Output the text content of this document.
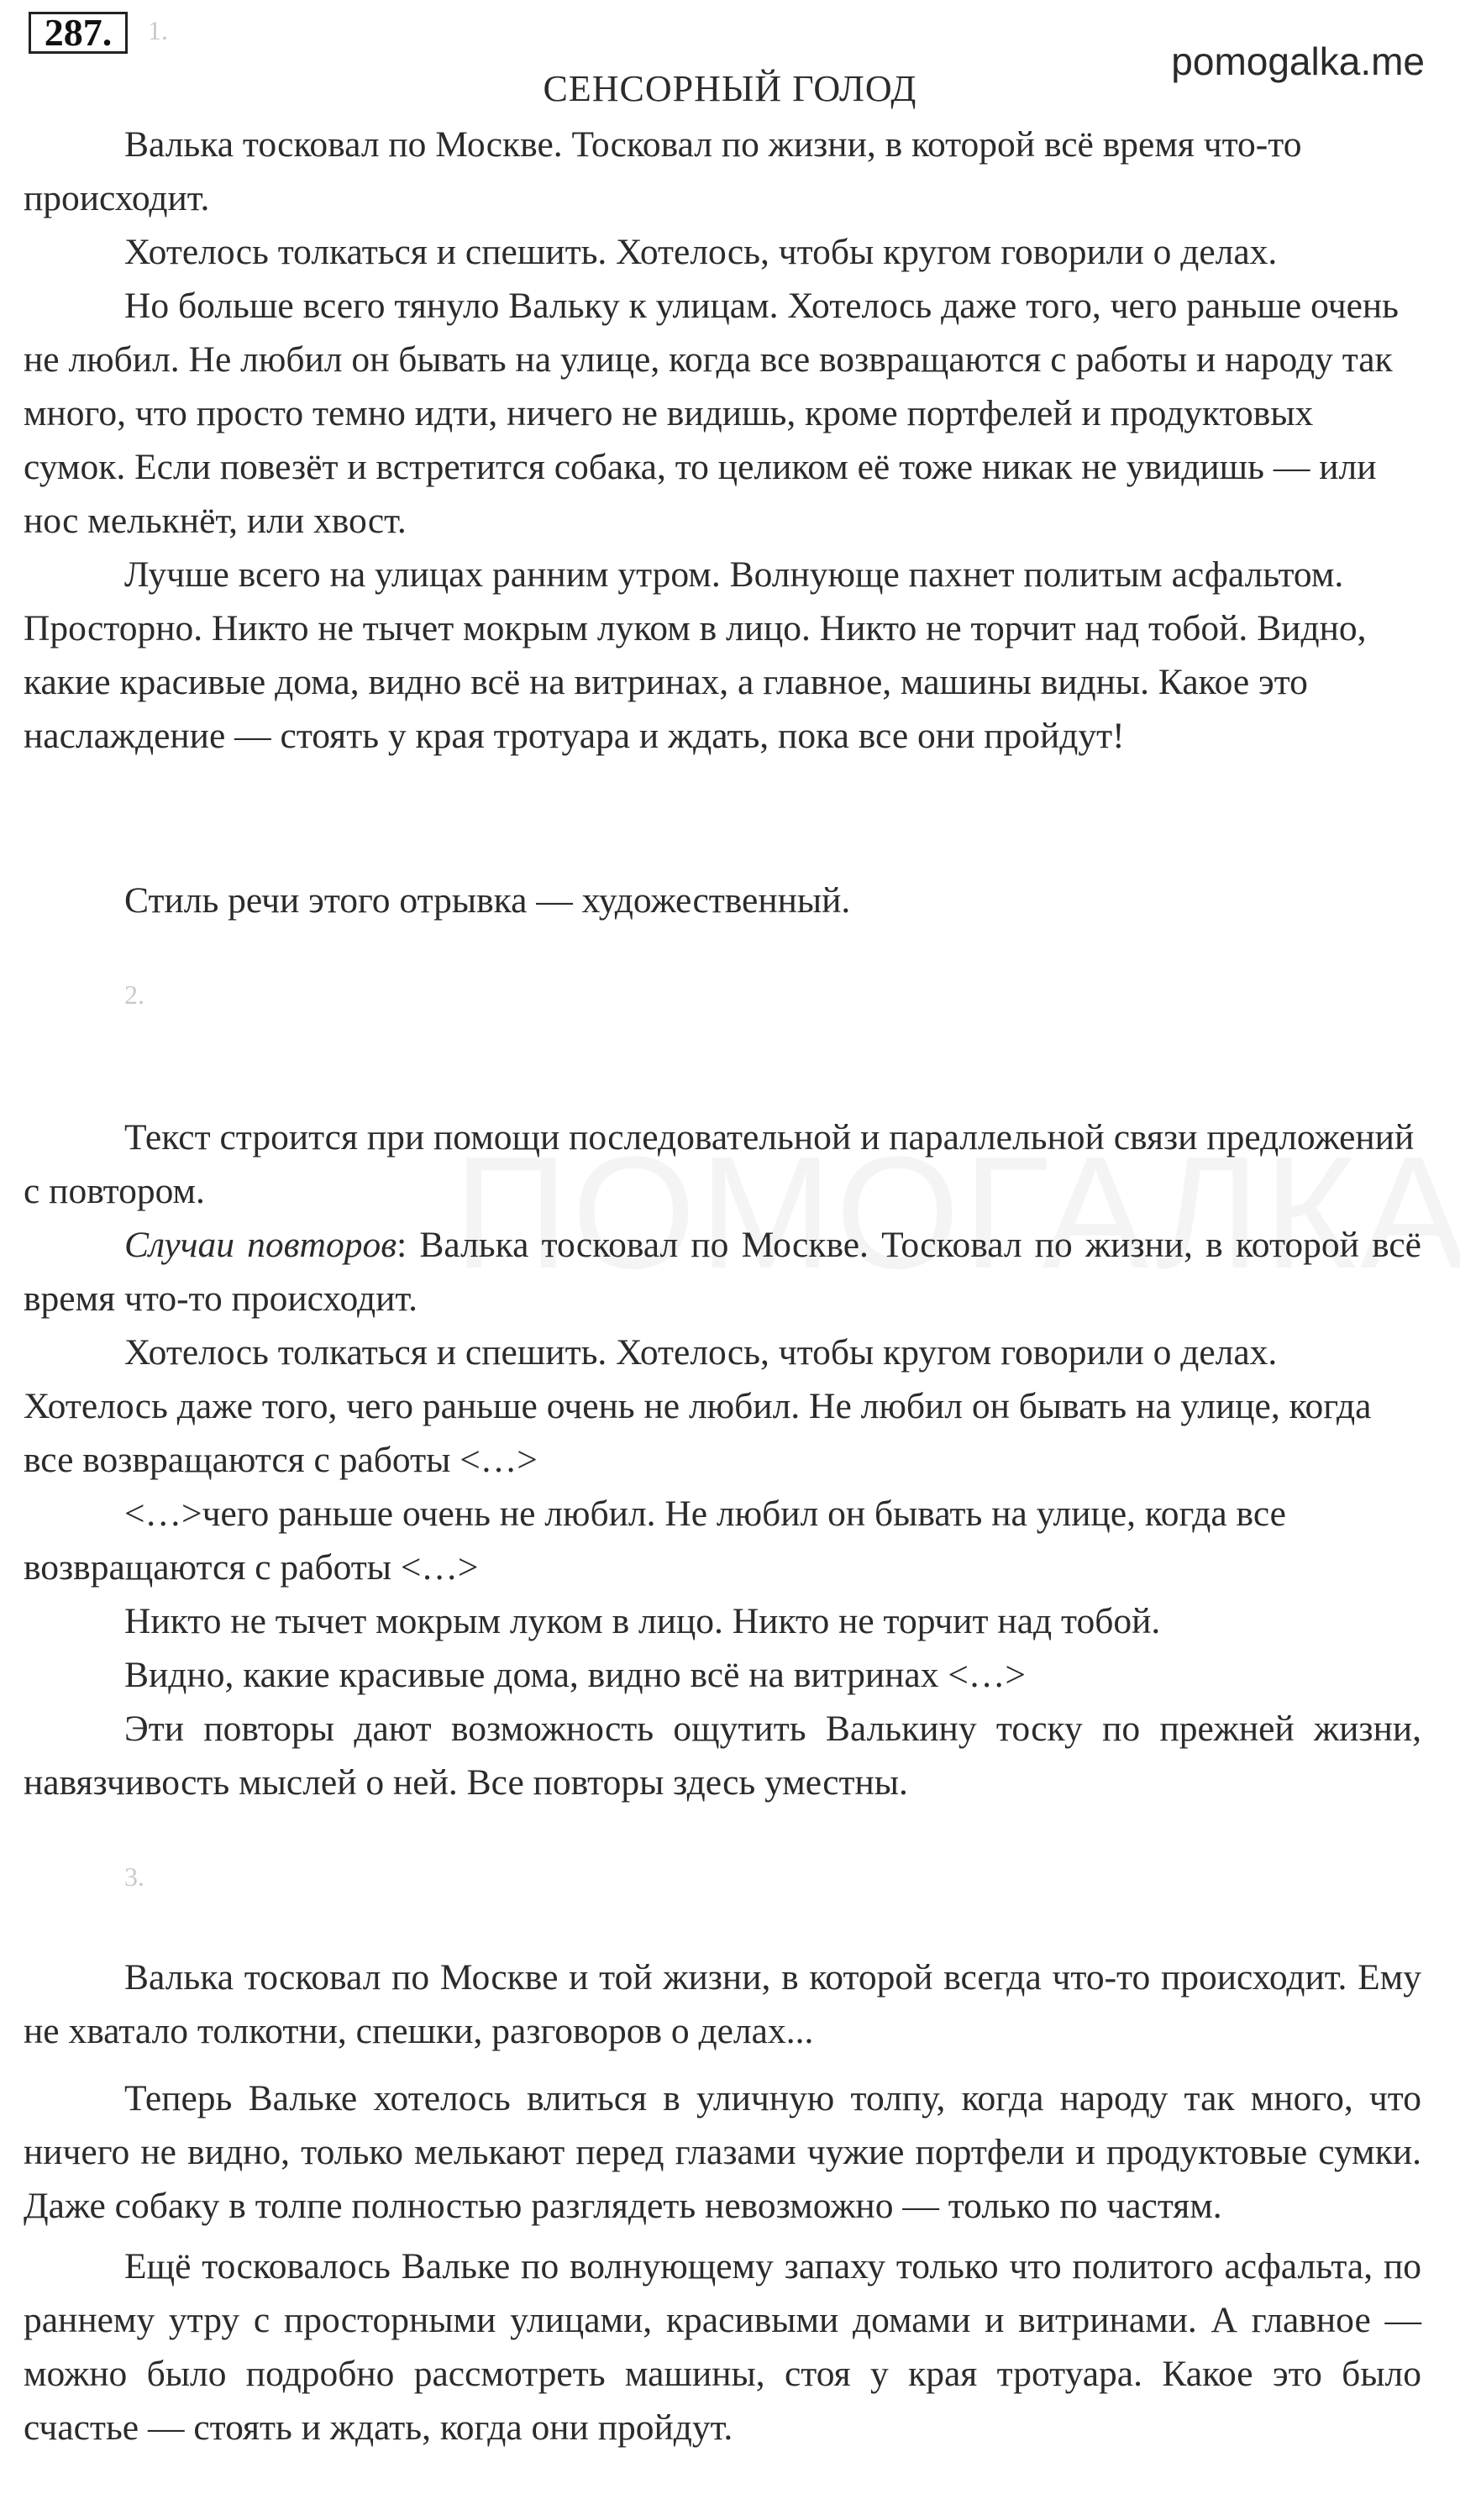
287.	1.
pomogalka.me
СЕНСОРНЫЙ ГОЛОД

Валька тосковал по Москве. Тосковал по жизни, в которой всё время что-то происходит.

Хотелось толкаться и спешить. Хотелось, чтобы кругом говорили о делах.

Но больше всего тянуло Вальку к улицам. Хотелось даже того, чего раньше очень не любил. Не любил он бывать на улице, когда все возвращаются с работы и народу так много, что просто темно идти, ничего не видишь, кроме портфелей и продуктовых сумок. Если повезёт и встретится собака, то целиком её тоже никак не увидишь — или нос мелькнёт, или хвост.

Лучше всего на улицах ранним утром. Волнующе пахнет политым асфальтом. Просторно. Никто не тычет мокрым луком в лицо. Никто не торчит над тобой. Видно, какие красивые дома, видно всё на витринах, а главное, машины видны. Какое это наслаждение — стоять у края тротуара и ждать, пока все они пройдут!

Стиль речи этого отрывка — художественный.

2.

Текст строится при помощи последовательной и параллельной связи предложений с повтором.

Случаи повторов: Валька тосковал по Москве. Тосковал по жизни, в которой всё время что-то происходит.

Хотелось толкаться и спешить. Хотелось, чтобы кругом говорили о делах. Хотелось даже того, чего раньше очень не любил. Не любил он бывать на улице, когда все возвращаются с работы <…>

<…>чего раньше очень не любил. Не любил он бывать на улице, когда все возвращаются с работы <…>

Никто не тычет мокрым луком в лицо. Никто не торчит над тобой.

Видно, какие красивые дома, видно всё на витринах <…>

Эти повторы дают возможность ощутить Валькину тоску по прежней жизни, навязчивость мыслей о ней. Все повторы здесь уместны.

3.

Валька тосковал по Москве и той жизни, в которой всегда что-то происходит. Ему не хватало толкотни, спешки, разговоров о делах...

Теперь Вальке хотелось влиться в уличную толпу, когда народу так много, что ничего не видно, только мелькают перед глазами чужие портфели и продуктовые сумки. Даже собаку в толпе полностью разглядеть невозможно — только по частям.

Ещё тосковалось Вальке по волнующему запаху только что политого асфальта, по раннему утру с просторными улицами, красивыми домами и витринами. А главное — можно было подробно рассмотреть машины, стоя у края тротуара. Какое это было счастье — стоять и ждать, когда они пройдут.
